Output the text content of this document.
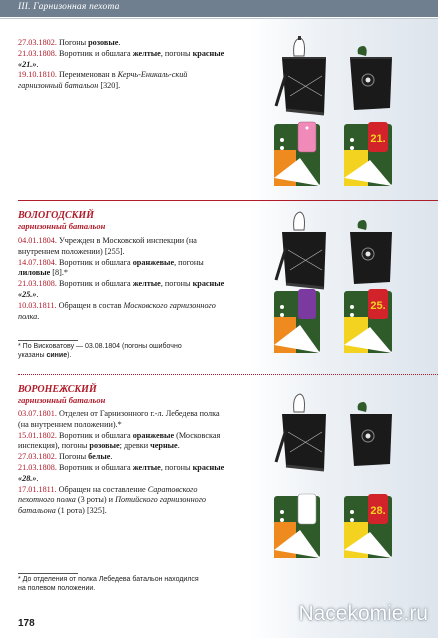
III. Гарнизонная пехота

27.03.1802. Погоны розовые.

21.03.1808. Воротник и обшлага желтые, погоны красные «21.».

19.10.1810. Переименован в Керчь-Еникаль-ский гарнизонный батальон [320].

ВОЛОГОДСКИЙ
гарнизонный батальон

04.01.1804. Учрежден в Московской инспекции (на внутреннем положении) [255].

14.07.1804. Воротник и обшлага оранжевые, погоны лиловые [8].*

21.03.1808. Воротник и обшлага желтые, погоны красные «25.».

10.03.1811. Обращен в состав Московского гарнизонного полка.

* По Висковатову — 03.08.1804 (погоны ошибочно указаны синие).
ВОРОНЕЖСКИЙ
гарнизонный батальон

03.07.1801. Отделен от Гарнизонного г.-л. Лебедева полка (на внутреннем положении).*

15.01.1802. Воротник и обшлага оранжевые (Московская инспекция), погоны розовые; древки черные.

27.03.1802. Погоны белые.

21.03.1808. Воротник и обшлага желтые, погоны красные «28.».

17.01.1811. Обращен на составление Саратовского пехотного полка (3 роты) и Потийского гарнизонного батальона (1 рота) [325].

* До отделения от полка Лебедева батальон находился на полевом положении.
21.
25.
28.
178	Nacekomie.ru
